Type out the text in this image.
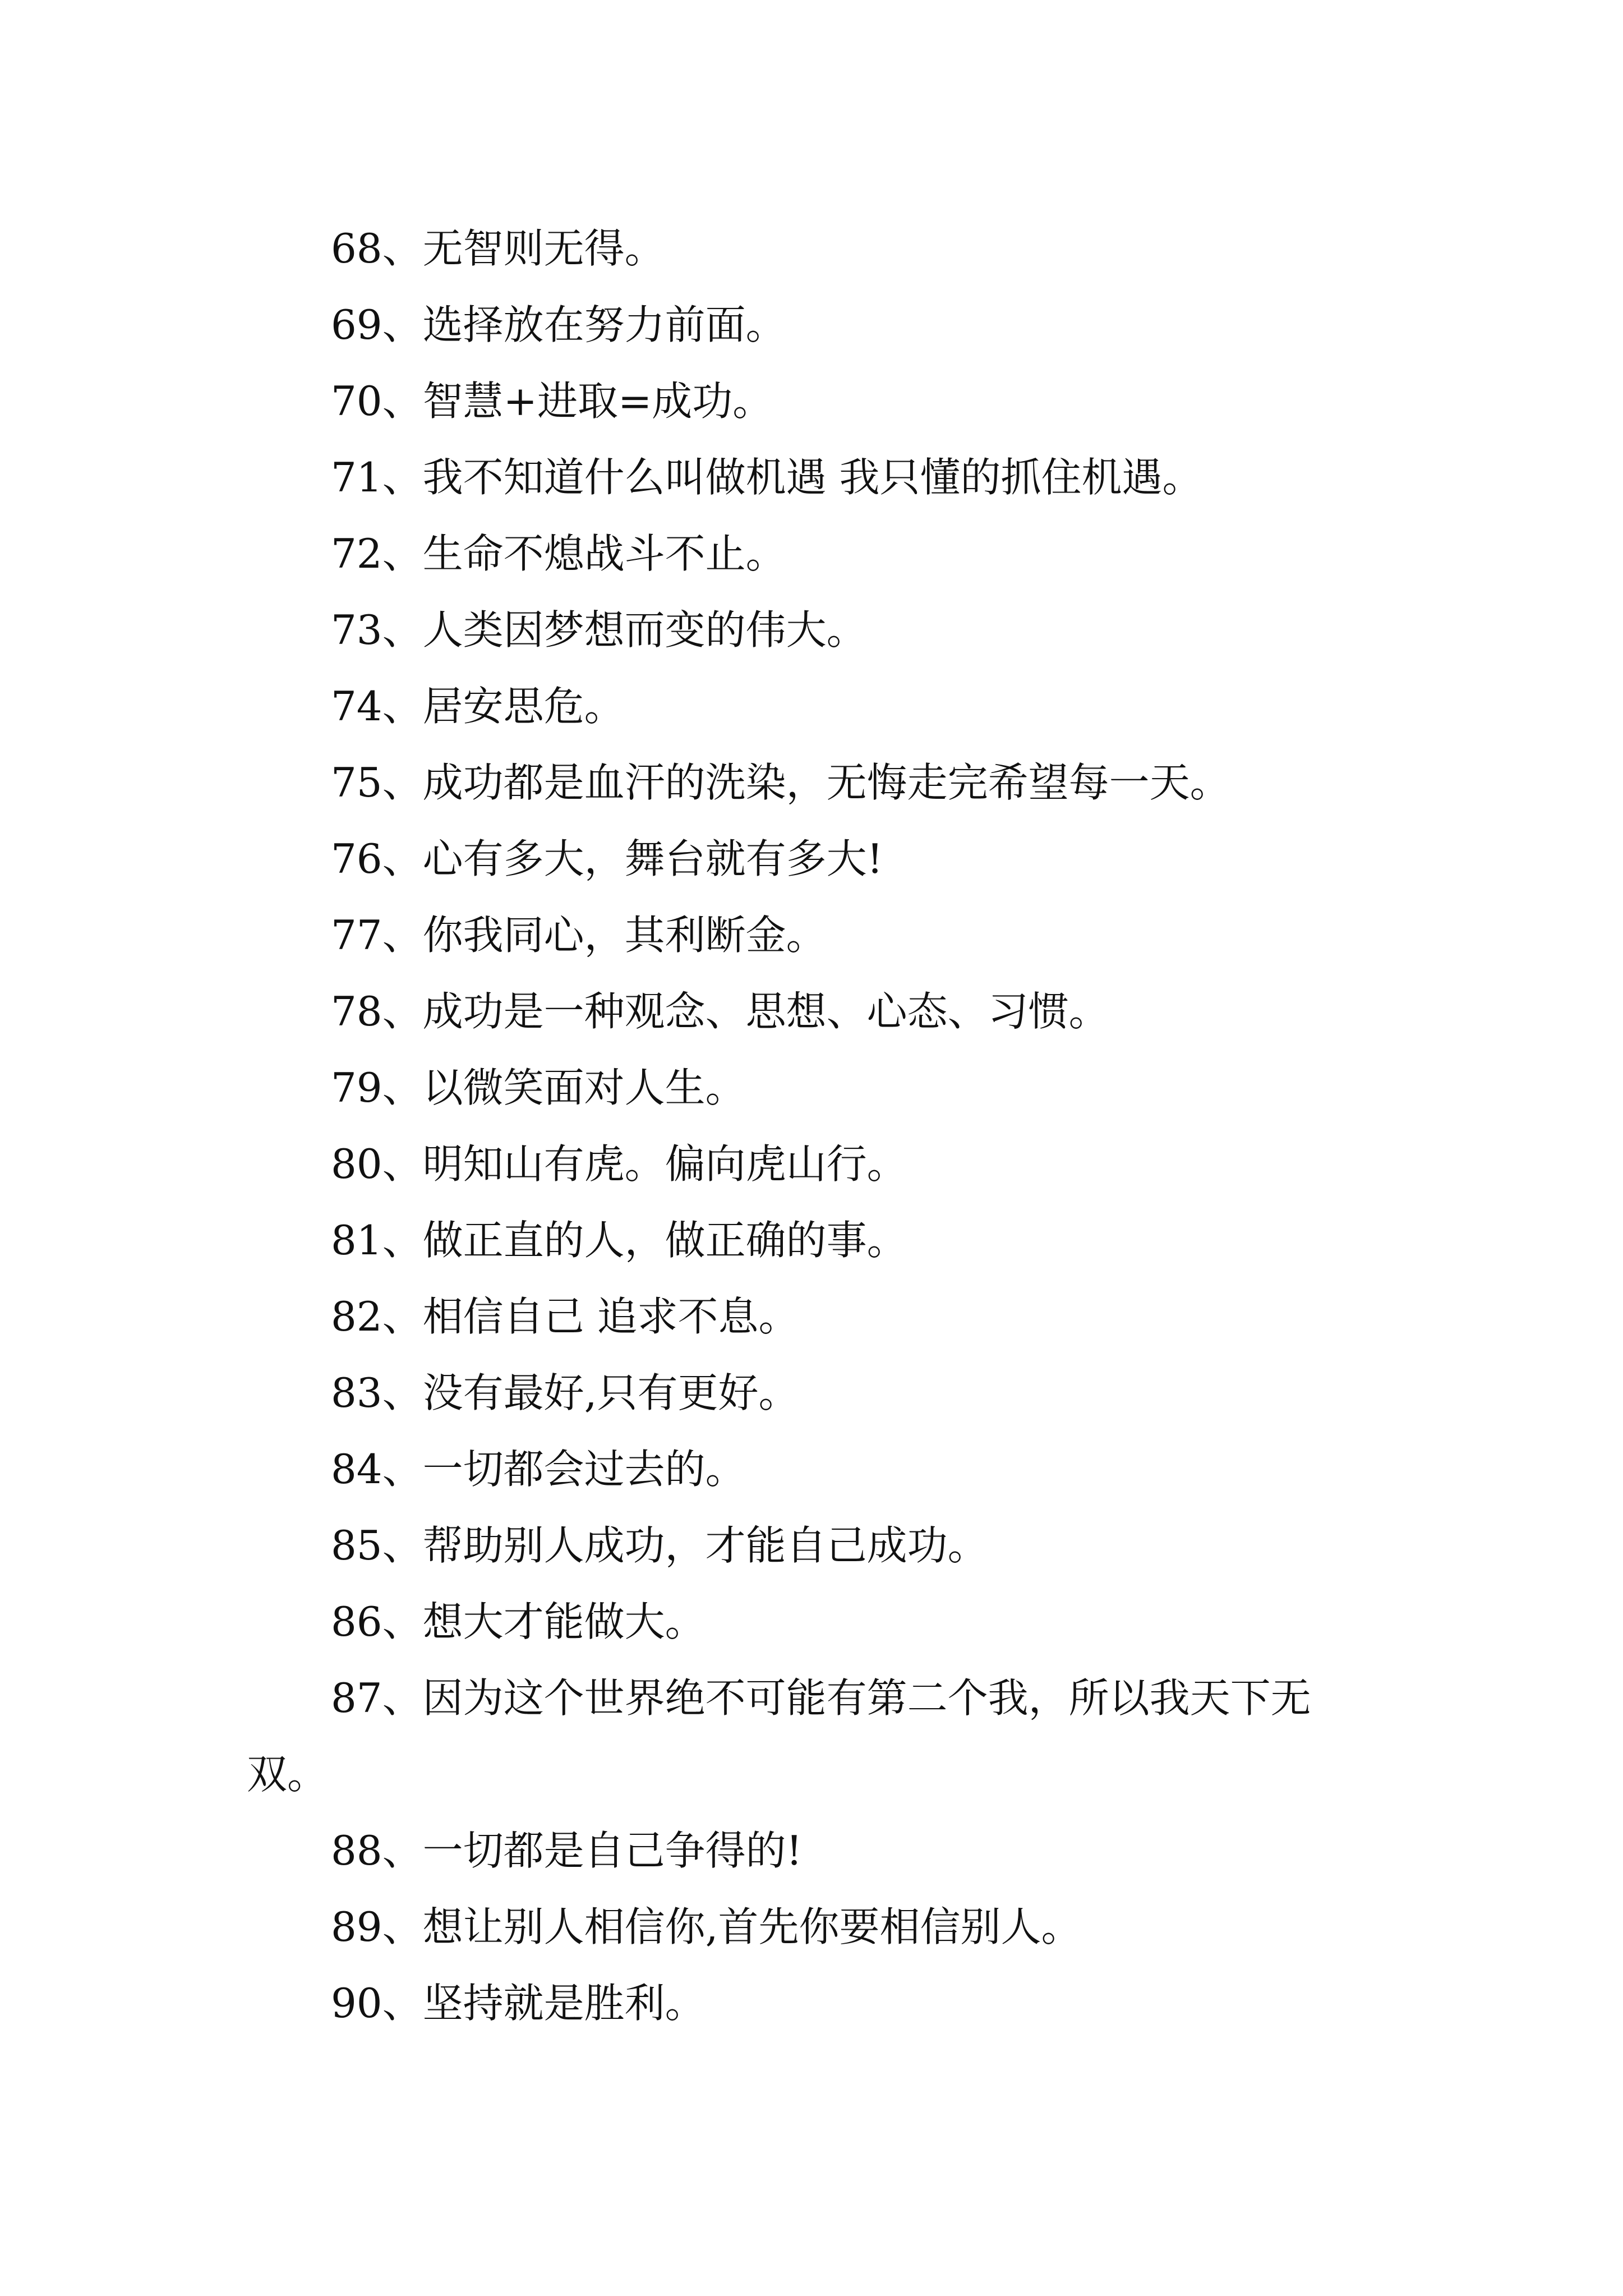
68、无智则无得。

69、选择放在努力前面。

70、智慧+进取=成功。

71、我不知道什么叫做机遇 我只懂的抓住机遇。

72、生命不熄战斗不止。

73、人类因梦想而变的伟大。

74、居安思危。

75、成功都是血汗的洗染，无悔走完希望每一天。

76、心有多大，舞台就有多大!

77、你我同心，其利断金。

78、成功是一种观念、思想、心态、习惯。

79、以微笑面对人生。

80、明知山有虎。偏向虎山行。

81、做正直的人，做正确的事。

82、相信自己 追求不息。

83、没有最好,只有更好。

84、一切都会过去的。

85、帮助别人成功，才能自己成功。

86、想大才能做大。

87、因为这个世界绝不可能有第二个我，所以我天下无双。

88、一切都是自己争得的!

89、想让别人相信你,首先你要相信别人。

90、坚持就是胜利。
